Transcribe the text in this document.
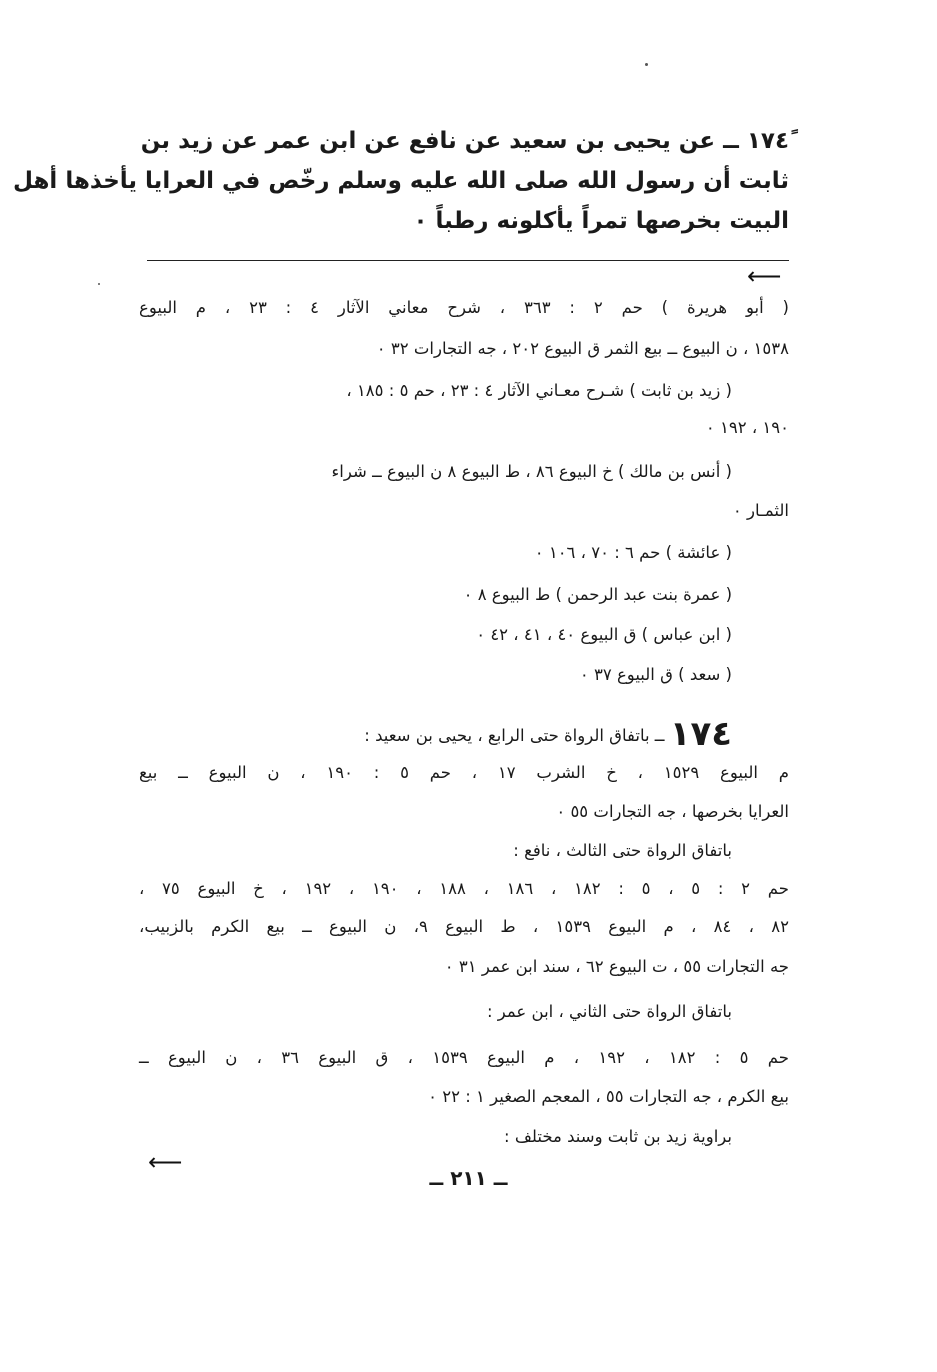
١٧٤ً ــ عن يحيى بن سعيد عن نافع عن ابن عمر عن زيد بن
ثابت أن رسول الله صلى الله عليه وسلم رخّص في العرايا يأخذها أهل
البيت بخرصها تمراً يأكلونه رطباً ٠
⟵
( أبو هريرة ) حم ٢ : ٣٦٣ ، شرح معاني الآثار ٤ : ٢٣ ، م البيوع
١٥٣٨ ، ن البيوع ــ بيع الثمر ق البيوع ٢٠٢ ، جه التجارات ٣٢ ٠
( زيد بن ثابت ) شـرح معـاني الآثار ٤ : ٢٣ ، حم ٥ : ١٨٥ ،
١٩٠ ، ١٩٢ ٠
( أنس بن مالك ) خ البيوع ٨٦ ، ط البيوع ٨ ن البيوع ــ شراء
الثمـار ٠
( عائشة ) حم ٦ : ٧٠ ، ١٠٦ ٠
( عمرة بنت عبد الرحمن ) ط البيوع ٨ ٠
( ابن عباس ) ق البيوع ٤٠ ، ٤١ ، ٤٢ ٠
( سعد ) ق البيوع ٣٧ ٠
١٧٤ ــ باتفاق الرواة حتى الرابع ، يحيى بن سعيد :
م البيوع ١٥٢٩ ، خ الشرب ١٧ ، حم ٥ : ١٩٠ ، ن البيوع ــ بيع
العرايا بخرصها ، جه التجارات ٥٥ ٠
باتفاق الرواة حتى الثالث ، نافع :
حم ٢ : ٥ ، ٥ : ١٨٢ ، ١٨٦ ، ١٨٨ ، ١٩٠ ، ١٩٢ ، خ البيوع ٧٥ ،
٨٢ ، ٨٤ ، م البيوع ١٥٣٩ ، ط البيوع ٩، ن البيوع ــ بيع الكرم بالزبيب،
جه التجارات ٥٥ ، ت البيوع ٦٢ ، سند ابن عمر ٣١ ٠
باتفاق الرواة حتى الثاني ، ابن عمر :
حم ٥ : ١٨٢ ، ١٩٢ ، م البيوع ١٥٣٩ ، ق البيوع ٣٦ ، ن البيوع ــ
بيع الكرم ، جه التجارات ٥٥ ، المعجم الصغير ١ : ٢٢ ٠
براوية زيد بن ثابت وسند مختلف :
⟵
ــ ٢١١ ــ
